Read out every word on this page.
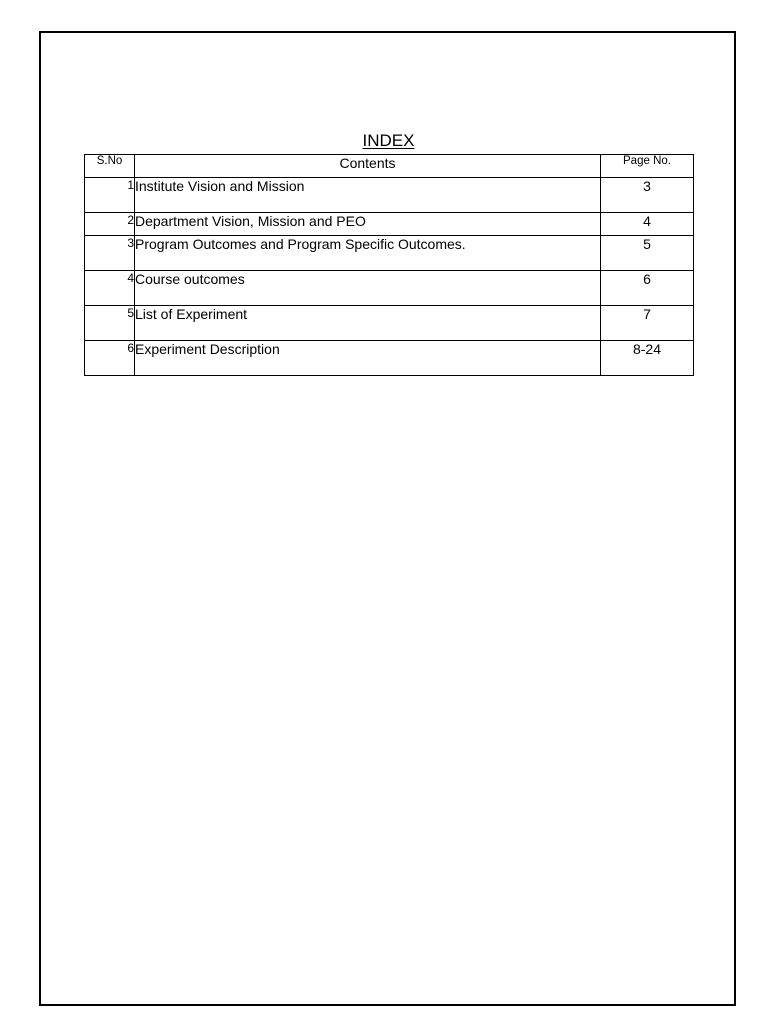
INDEX
S.No	Contents	Page No.
1	Institute Vision and Mission	3
2	Department Vision, Mission and PEO	4
3	Program Outcomes and Program Specific Outcomes.	5
4	Course outcomes	6
5	List of Experiment	7
6	Experiment Description	8-24
